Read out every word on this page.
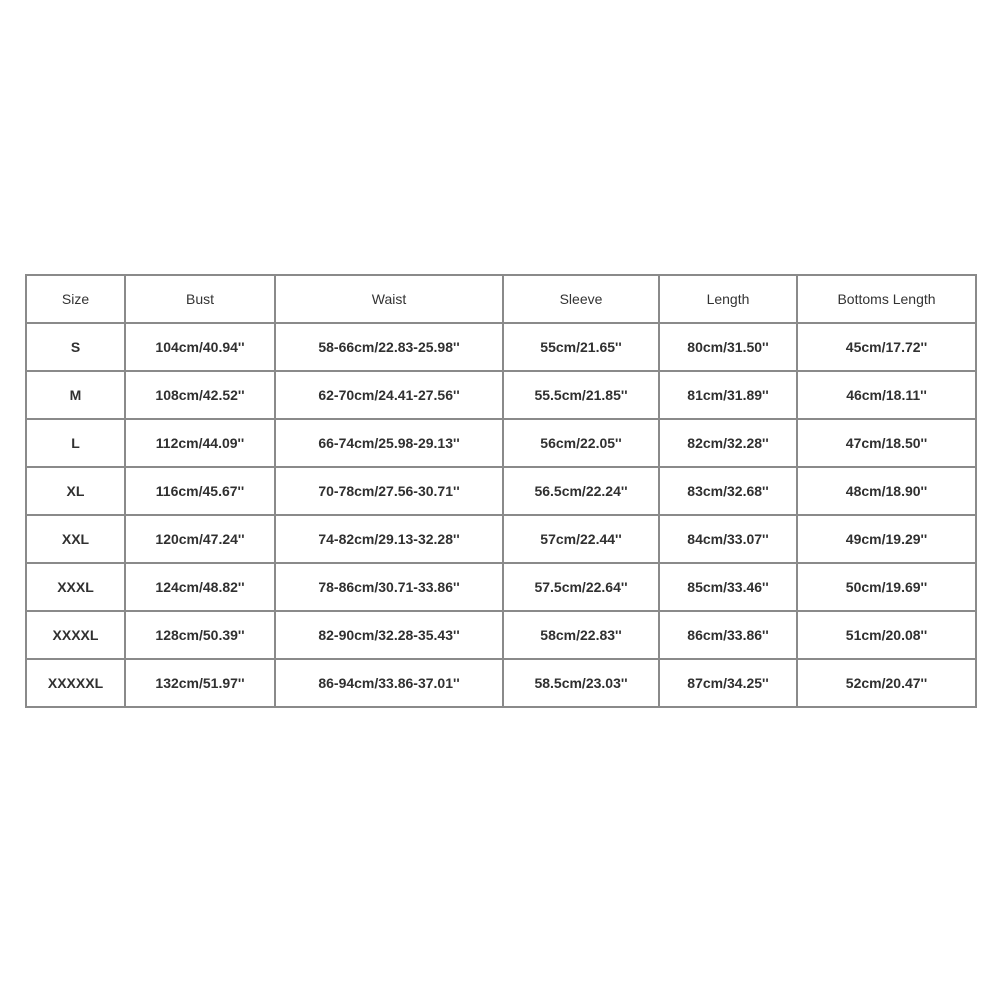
Size	Bust	Waist	Sleeve	Length	Bottoms Length
S	104cm/40.94''	58-66cm/22.83-25.98''	55cm/21.65''	80cm/31.50''	45cm/17.72''
M	108cm/42.52''	62-70cm/24.41-27.56''	55.5cm/21.85''	81cm/31.89''	46cm/18.11''
L	112cm/44.09''	66-74cm/25.98-29.13''	56cm/22.05''	82cm/32.28''	47cm/18.50''
XL	116cm/45.67''	70-78cm/27.56-30.71''	56.5cm/22.24''	83cm/32.68''	48cm/18.90''
XXL	120cm/47.24''	74-82cm/29.13-32.28''	57cm/22.44''	84cm/33.07''	49cm/19.29''
XXXL	124cm/48.82''	78-86cm/30.71-33.86''	57.5cm/22.64''	85cm/33.46''	50cm/19.69''
XXXXL	128cm/50.39''	82-90cm/32.28-35.43''	58cm/22.83''	86cm/33.86''	51cm/20.08''
XXXXXL	132cm/51.97''	86-94cm/33.86-37.01''	58.5cm/23.03''	87cm/34.25''	52cm/20.47''
